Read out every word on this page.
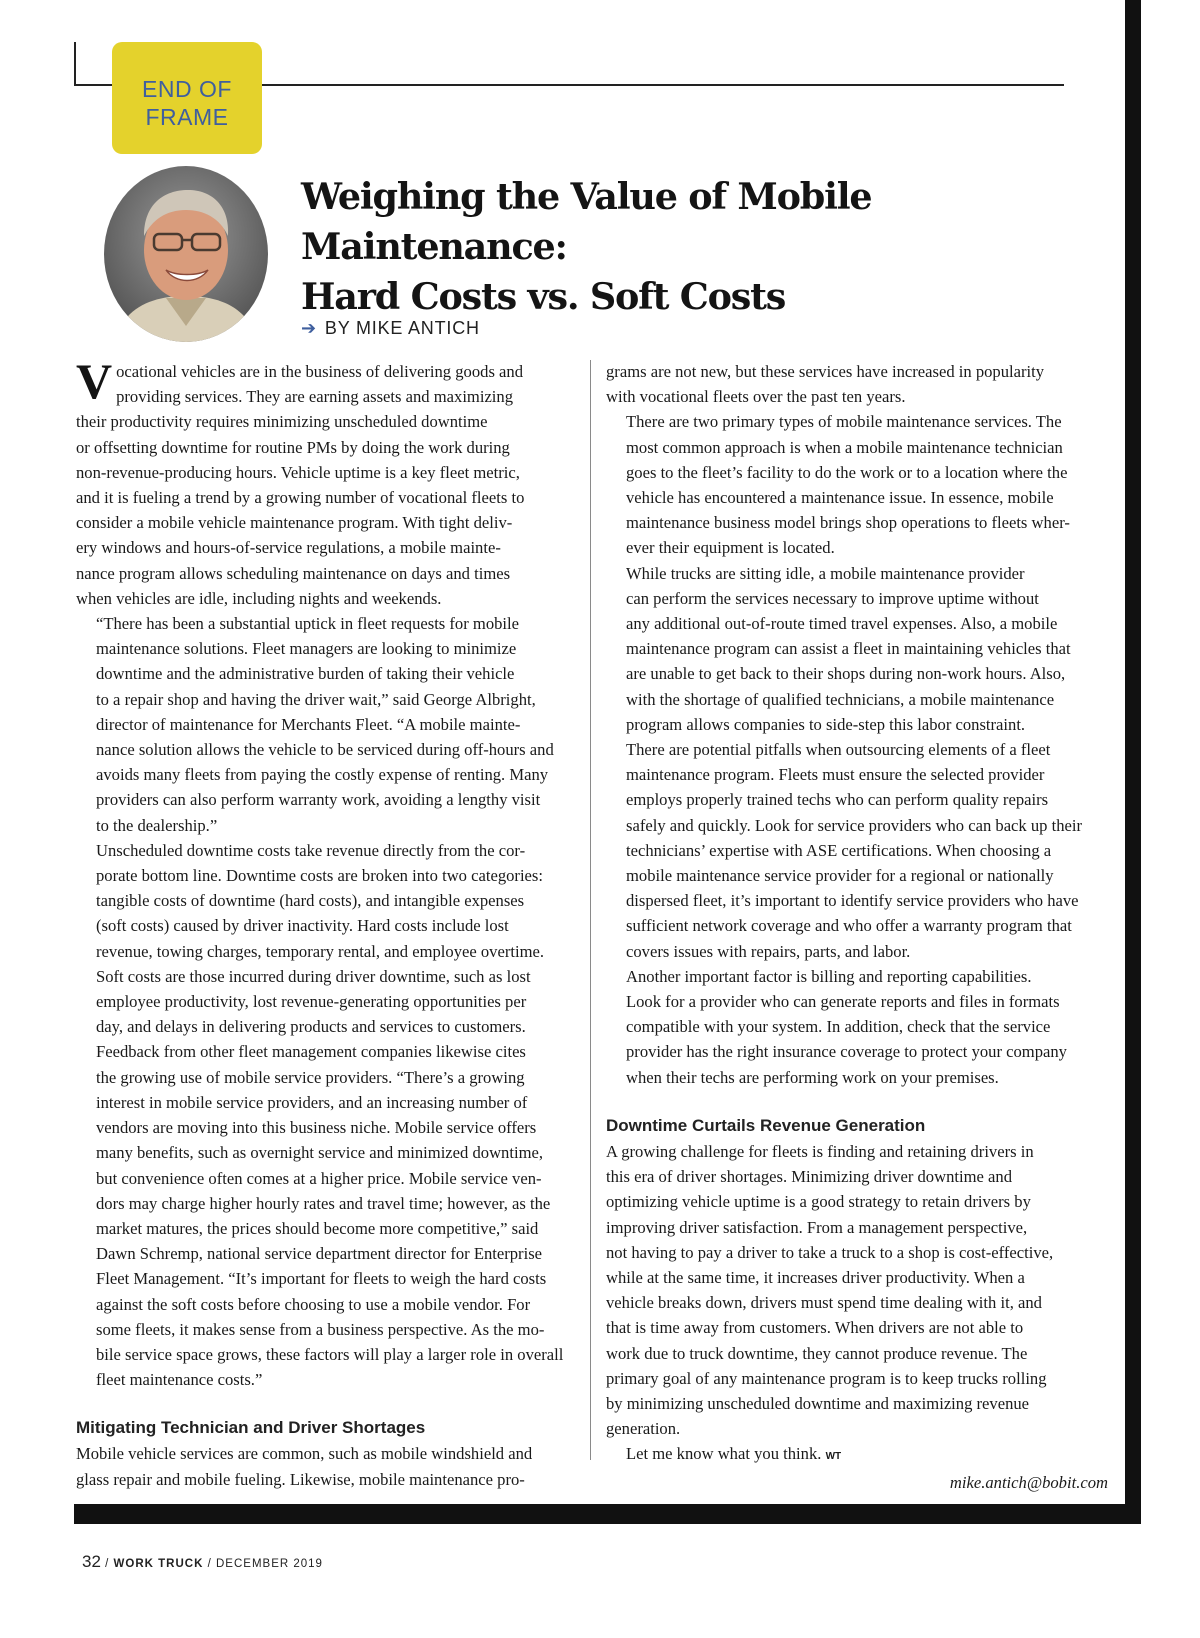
END OF
FRAME
Weighing the Value of Mobile Maintenance:
Hard Costs vs. Soft Costs
➔ BY MIKE ANTICH

V ocational vehicles are in the business of delivering goods and
providing services. They are earning assets and maximizing
their productivity requires minimizing unscheduled downtime
or offsetting downtime for routine PMs by doing the work during
non-revenue-producing hours. Vehicle uptime is a key fleet metric,
and it is fueling a trend by a growing number of vocational fleets to
consider a mobile vehicle maintenance program. With tight deliv-
ery windows and hours-of-service regulations, a mobile mainte-
nance program allows scheduling maintenance on days and times
when vehicles are idle, including nights and weekends.

“There has been a substantial uptick in fleet requests for mobile
maintenance solutions. Fleet managers are looking to minimize
downtime and the administrative burden of taking their vehicle
to a repair shop and having the driver wait,” said George Albright,
director of maintenance for Merchants Fleet. “A mobile mainte-
nance solution allows the vehicle to be serviced during off-hours and
avoids many fleets from paying the costly expense of renting. Many
providers can also perform warranty work, avoiding a lengthy visit
to the dealership.”

Unscheduled downtime costs take revenue directly from the cor-
porate bottom line. Downtime costs are broken into two categories:
tangible costs of downtime (hard costs), and intangible expenses
(soft costs) caused by driver inactivity. Hard costs include lost
revenue, towing charges, temporary rental, and employee overtime.
Soft costs are those incurred during driver downtime, such as lost
employee productivity, lost revenue-generating opportunities per
day, and delays in delivering products and services to customers.

Feedback from other fleet management companies likewise cites
the growing use of mobile service providers. “There’s a growing
interest in mobile service providers, and an increasing number of
vendors are moving into this business niche. Mobile service offers
many benefits, such as overnight service and minimized downtime,
but convenience often comes at a higher price. Mobile service ven-
dors may charge higher hourly rates and travel time; however, as the
market matures, the prices should become more competitive,” said
Dawn Schremp, national service department director for Enterprise
Fleet Management. “It’s important for fleets to weigh the hard costs
against the soft costs before choosing to use a mobile vendor. For
some fleets, it makes sense from a business perspective. As the mo-
bile service space grows, these factors will play a larger role in overall
fleet maintenance costs.”

Mitigating Technician and Driver Shortages

Mobile vehicle services are common, such as mobile windshield and
glass repair and mobile fueling. Likewise, mobile maintenance pro-

grams are not new, but these services have increased in popularity
with vocational fleets over the past ten years.

There are two primary types of mobile maintenance services. The
most common approach is when a mobile maintenance technician
goes to the fleet’s facility to do the work or to a location where the
vehicle has encountered a maintenance issue. In essence, mobile
maintenance business model brings shop operations to fleets wher-
ever their equipment is located.

While trucks are sitting idle, a mobile maintenance provider
can perform the services necessary to improve uptime without
any additional out-of-route timed travel expenses. Also, a mobile
maintenance program can assist a fleet in maintaining vehicles that
are unable to get back to their shops during non-work hours. Also,
with the shortage of qualified technicians, a mobile maintenance
program allows companies to side-step this labor constraint.

There are potential pitfalls when outsourcing elements of a fleet
maintenance program. Fleets must ensure the selected provider
employs properly trained techs who can perform quality repairs
safely and quickly. Look for service providers who can back up their
technicians’ expertise with ASE certifications. When choosing a
mobile maintenance service provider for a regional or nationally
dispersed fleet, it’s important to identify service providers who have
sufficient network coverage and who offer a warranty program that
covers issues with repairs, parts, and labor.

Another important factor is billing and reporting capabilities.
Look for a provider who can generate reports and files in formats
compatible with your system. In addition, check that the service
provider has the right insurance coverage to protect your company
when their techs are performing work on your premises.

Downtime Curtails Revenue Generation

A growing challenge for fleets is finding and retaining drivers in
this era of driver shortages. Minimizing driver downtime and
optimizing vehicle uptime is a good strategy to retain drivers by
improving driver satisfaction. From a management perspective,
not having to pay a driver to take a truck to a shop is cost-effective,
while at the same time, it increases driver productivity. When a
vehicle breaks down, drivers must spend time dealing with it, and
that is time away from customers. When drivers are not able to
work due to truck downtime, they cannot produce revenue. The
primary goal of any maintenance program is to keep trucks rolling
by minimizing unscheduled downtime and maximizing revenue
generation.

Let me know what you think. WT

mike.antich@bobit.com
32 / WORK TRUCK / DECEMBER 2019
